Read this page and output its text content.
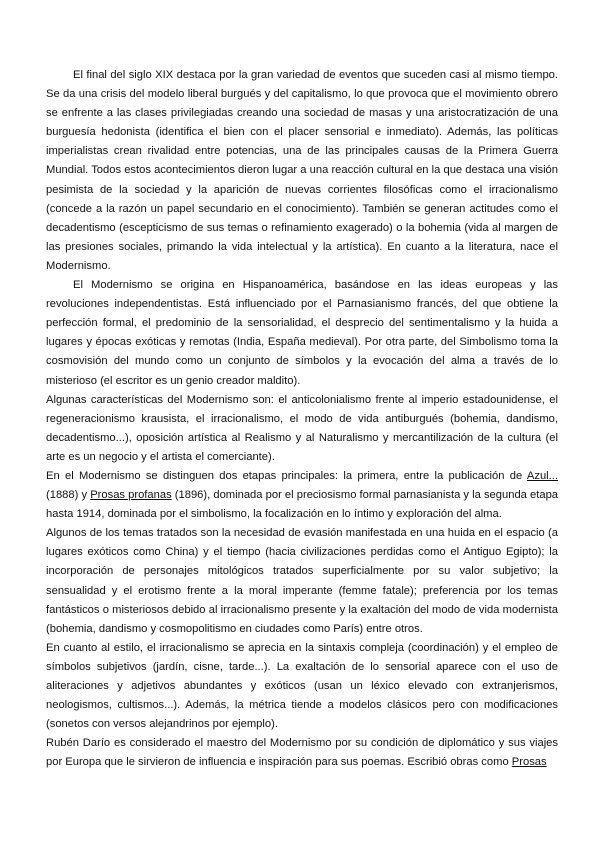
El final del siglo XIX destaca por la gran variedad de eventos que suceden casi al mismo tiempo. Se da una crisis del modelo liberal burgués y del capitalismo, lo que provoca que el movimiento obrero se enfrente a las clases privilegiadas creando una sociedad de masas y una aristocratización de una burguesía hedonista (identifica el bien con el placer sensorial e inmediato). Además, las políticas imperialistas crean rivalidad entre potencias, una de las principales causas de la Primera Guerra Mundial. Todos estos acontecimientos dieron lugar a una reacción cultural en la que destaca una visión pesimista de la sociedad y la aparición de nuevas corrientes filosóficas como el irracionalismo (concede a la razón un papel secundario en el conocimiento). También se generan actitudes como el decadentismo (escepticismo de sus temas o refinamiento exagerado) o la bohemia (vida al margen de las presiones sociales, primando la vida intelectual y la artística). En cuanto a la literatura, nace el Modernismo.

El Modernismo se origina en Hispanoamérica, basándose en las ideas europeas y las revoluciones independentistas. Está influenciado por el Parnasianismo francés, del que obtiene la perfección formal, el predominio de la sensorialidad, el desprecio del sentimentalismo y la huida a lugares y épocas exóticas y remotas (India, España medieval). Por otra parte, del Simbolismo toma la cosmovisión del mundo como un conjunto de símbolos y la evocación del alma a través de lo misterioso (el escritor es un genio creador maldito).

Algunas características del Modernismo son: el anticolonialismo frente al imperio estadounidense, el regeneracionismo krausista, el irracionalismo, el modo de vida antiburgués (bohemia, dandismo, decadentismo...), oposición artística al Realismo y al Naturalismo y mercantilización de la cultura (el arte es un negocio y el artista el comerciante).

En el Modernismo se distinguen dos etapas principales: la primera, entre la publicación de Azul... (1888) y Prosas profanas (1896), dominada por el preciosismo formal parnasianista y la segunda etapa hasta 1914, dominada por el simbolismo, la focalización en lo íntimo y exploración del alma.

Algunos de los temas tratados son la necesidad de evasión manifestada en una huida en el espacio (a lugares exóticos como China) y el tiempo (hacia civilizaciones perdidas como el Antiguo Egipto); la incorporación de personajes mitológicos tratados superficialmente por su valor subjetivo; la sensualidad y el erotismo frente a la moral imperante (femme fatale); preferencia por los temas fantásticos o misteriosos debido al irracionalismo presente y la exaltación del modo de vida modernista (bohemia, dandismo y cosmopolitismo en ciudades como París) entre otros.

En cuanto al estilo, el irracionalismo se aprecia en la sintaxis compleja (coordinación) y el empleo de símbolos subjetivos (jardín, cisne, tarde...). La exaltación de lo sensorial aparece con el uso de aliteraciones y adjetivos abundantes y exóticos (usan un léxico elevado con extranjerismos, neologismos, cultismos...). Además, la métrica tiende a modelos clásicos pero con modificaciones (sonetos con versos alejandrinos por ejemplo).

Rubén Darío es considerado el maestro del Modernismo por su condición de diplomático y sus viajes por Europa que le sirvieron de influencia e inspiración para sus poemas. Escribió obras como Prosas
